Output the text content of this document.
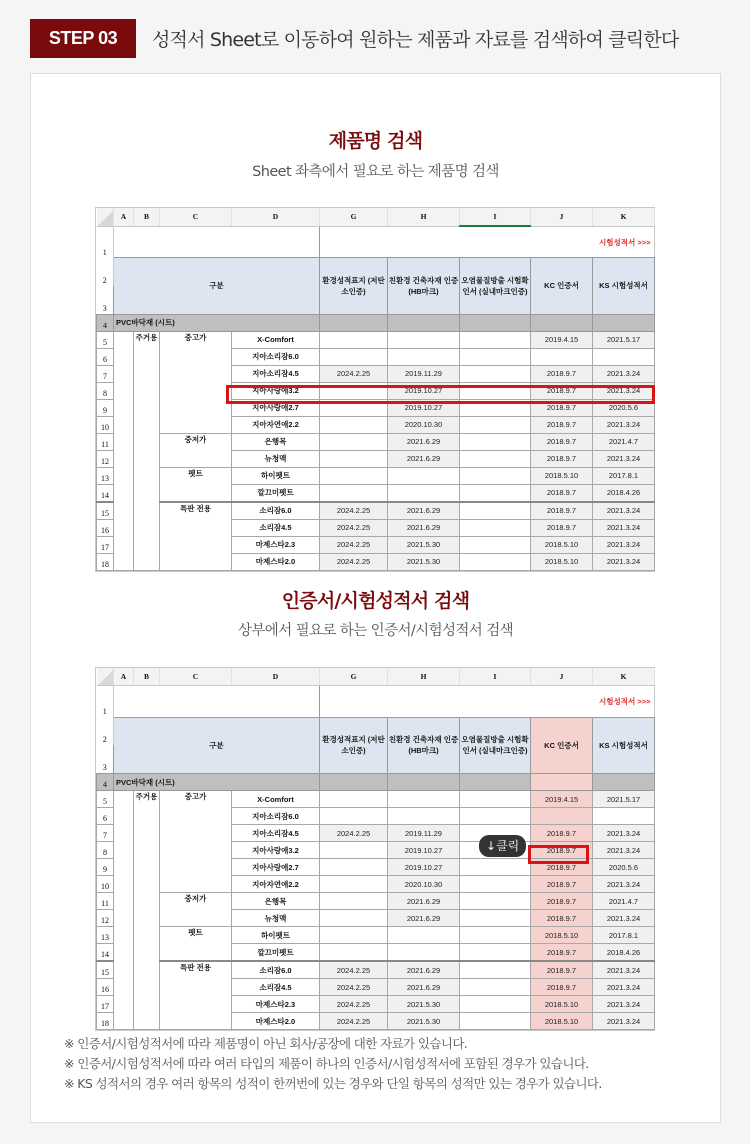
STEP 03	성적서 Sheet로 이동하여 원하는 제품과 자료를 검색하여 클릭한다
제품명 검색
Sheet 좌측에서 필요로 하는 제품명 검색
	A	B	C	D	G	H	I	J	K
1					시험성적서 >>>				
2	구분				환경성적표지 (저탄소인증)	친환경 건축자재 인증 (HB마크)	오염물질방출 시험확인서 (실내마크인증)	KC 인증서	KS 시험성적서
3									
4	PVC바닥재 (시트)								
5		주거용	중고가	X-Comfort				2019.4.15	2021.5.17
6				지아소리잠6.0					
7				지아소리잠4.5	2024.2.25	2019.11.29		2018.9.7	2021.3.24
8				지아사랑애3.2		2019.10.27		2018.9.7	2021.3.24
9				지아사랑애2.7		2019.10.27		2018.9.7	2020.5.6
10				지아자연애2.2		2020.10.30		2018.9.7	2021.3.24
11			중저가	은행목		2021.6.29		2018.9.7	2021.4.7
12				뉴청맥		2021.6.29		2018.9.7	2021.3.24
13			펫트	하이펫트				2018.5.10	2017.8.1
14				깔끄미펫트				2018.9.7	2018.4.26
15			특판 전용	소리잠6.0	2024.2.25	2021.6.29		2018.9.7	2021.3.24
16				소리잠4.5	2024.2.25	2021.6.29		2018.9.7	2021.3.24
17				마제스타2.3	2024.2.25	2021.5.30		2018.5.10	2021.3.24
18				마제스타2.0	2024.2.25	2021.5.30		2018.5.10	2021.3.24
인증서/시험성적서 검색
상부에서 필요로 하는 인증서/시험성적서 검색
	A	B	C	D	G	H	I	J	K
1					시험성적서 >>>				
2	구분				환경성적표지 (저탄소인증)	친환경 건축자재 인증 (HB마크)	오염물질방출 시험확인서 (실내마크인증)	KC 인증서	KS 시험성적서
3									
4	PVC바닥재 (시트)								
5		주거용	중고가	X-Comfort				2019.4.15	2021.5.17
6				지아소리잠6.0					
7				지아소리잠4.5	2024.2.25	2019.11.29		2018.9.7	2021.3.24
8				지아사랑애3.2		2019.10.27		2018.9.7	2021.3.24
9				지아사랑애2.7		2019.10.27		2018.9.7	2020.5.6
10				지아자연애2.2		2020.10.30		2018.9.7	2021.3.24
11			중저가	은행목		2021.6.29		2018.9.7	2021.4.7
12				뉴청맥		2021.6.29		2018.9.7	2021.3.24
13			펫트	하이펫트				2018.5.10	2017.8.1
14				깔끄미펫트				2018.9.7	2018.4.26
15			특판 전용	소리잠6.0	2024.2.25	2021.6.29		2018.9.7	2021.3.24
16				소리잠4.5	2024.2.25	2021.6.29		2018.9.7	2021.3.24
17				마제스타2.3	2024.2.25	2021.5.30		2018.5.10	2021.3.24
18				마제스타2.0	2024.2.25	2021.5.30		2018.5.10	2021.3.24
↓클릭
※ 인증서/시험성적서에 따라 제품명이 아닌 회사/공장에 대한 자료가 있습니다.
※ 인증서/시험성적서에 따라 여러 타입의 제품이 하나의 인증서/시험성적서에 포함된 경우가 있습니다.
※ KS 성적서의 경우 여러 항목의 성적이 한꺼번에 있는 경우와 단일 항목의 성적만 있는 경우가 있습니다.
